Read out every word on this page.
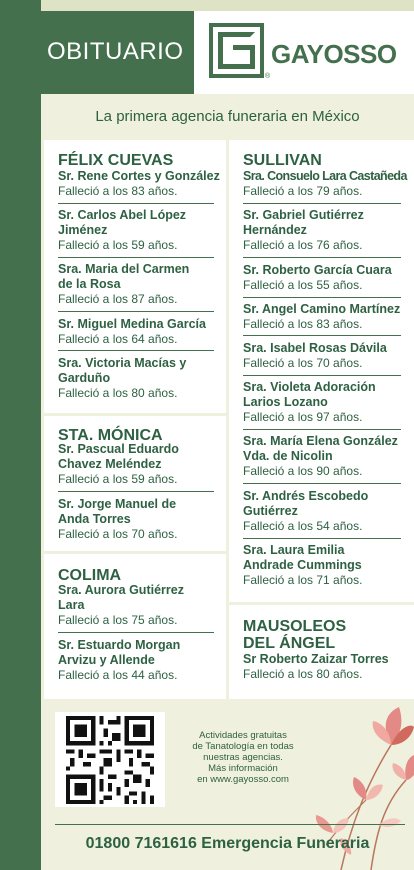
OBITUARIO
®
GAYOSSO
La primera agencia funeraria en México
FÉLIX CUEVAS
Sr. Rene Cortes y González
Falleció a los 83 años.
Sr. Carlos Abel López Jiménez
Falleció a los 59 años.
Sra. Maria del Carmen de la Rosa
Falleció a los 87 años.
Sr. Miguel Medina García
Falleció a los 64 años.
Sra. Victoria Macías y Garduño
Falleció a los 80 años.
STA. MÓNICA
Sr. Pascual Eduardo Chavez Meléndez
Falleció a los 59 años.
Sr. Jorge Manuel de Anda Torres
Falleció a los 70 años.
COLIMA
Sra. Aurora Gutiérrez Lara
Falleció a los 75 años.
Sr. Estuardo Morgan Arvizu y Allende
Falleció a los 44 años.
SULLIVAN
Sra. Consuelo Lara Castañeda
Falleció a los 79 años.
Sr. Gabriel Gutiérrez Hernández
Falleció a los 76 años.
Sr. Roberto García Cuara
Falleció a los 55 años.
Sr. Angel Camino Martínez
Falleció a los 83 años.
Sra. Isabel Rosas Dávila
Falleció a los 70 años.
Sra. Violeta Adoración Larios Lozano
Falleció a los 97 años.
Sra. María Elena González Vda. de Nicolin
Falleció a los 90 años.
Sr. Andrés Escobedo Gutiérrez
Falleció a los 54 años.
Sra. Laura Emilia Andrade Cummings
Falleció a los 71 años.
MAUSOLEOS
DEL ÁNGEL
Sr Roberto Zaizar Torres
Falleció a los 80 años.
Actividades gratuitas
de Tanatología en todas
nuestras agencias.
Más información
en www.gayosso.com
01800 7161616 Emergencia Funeraria
